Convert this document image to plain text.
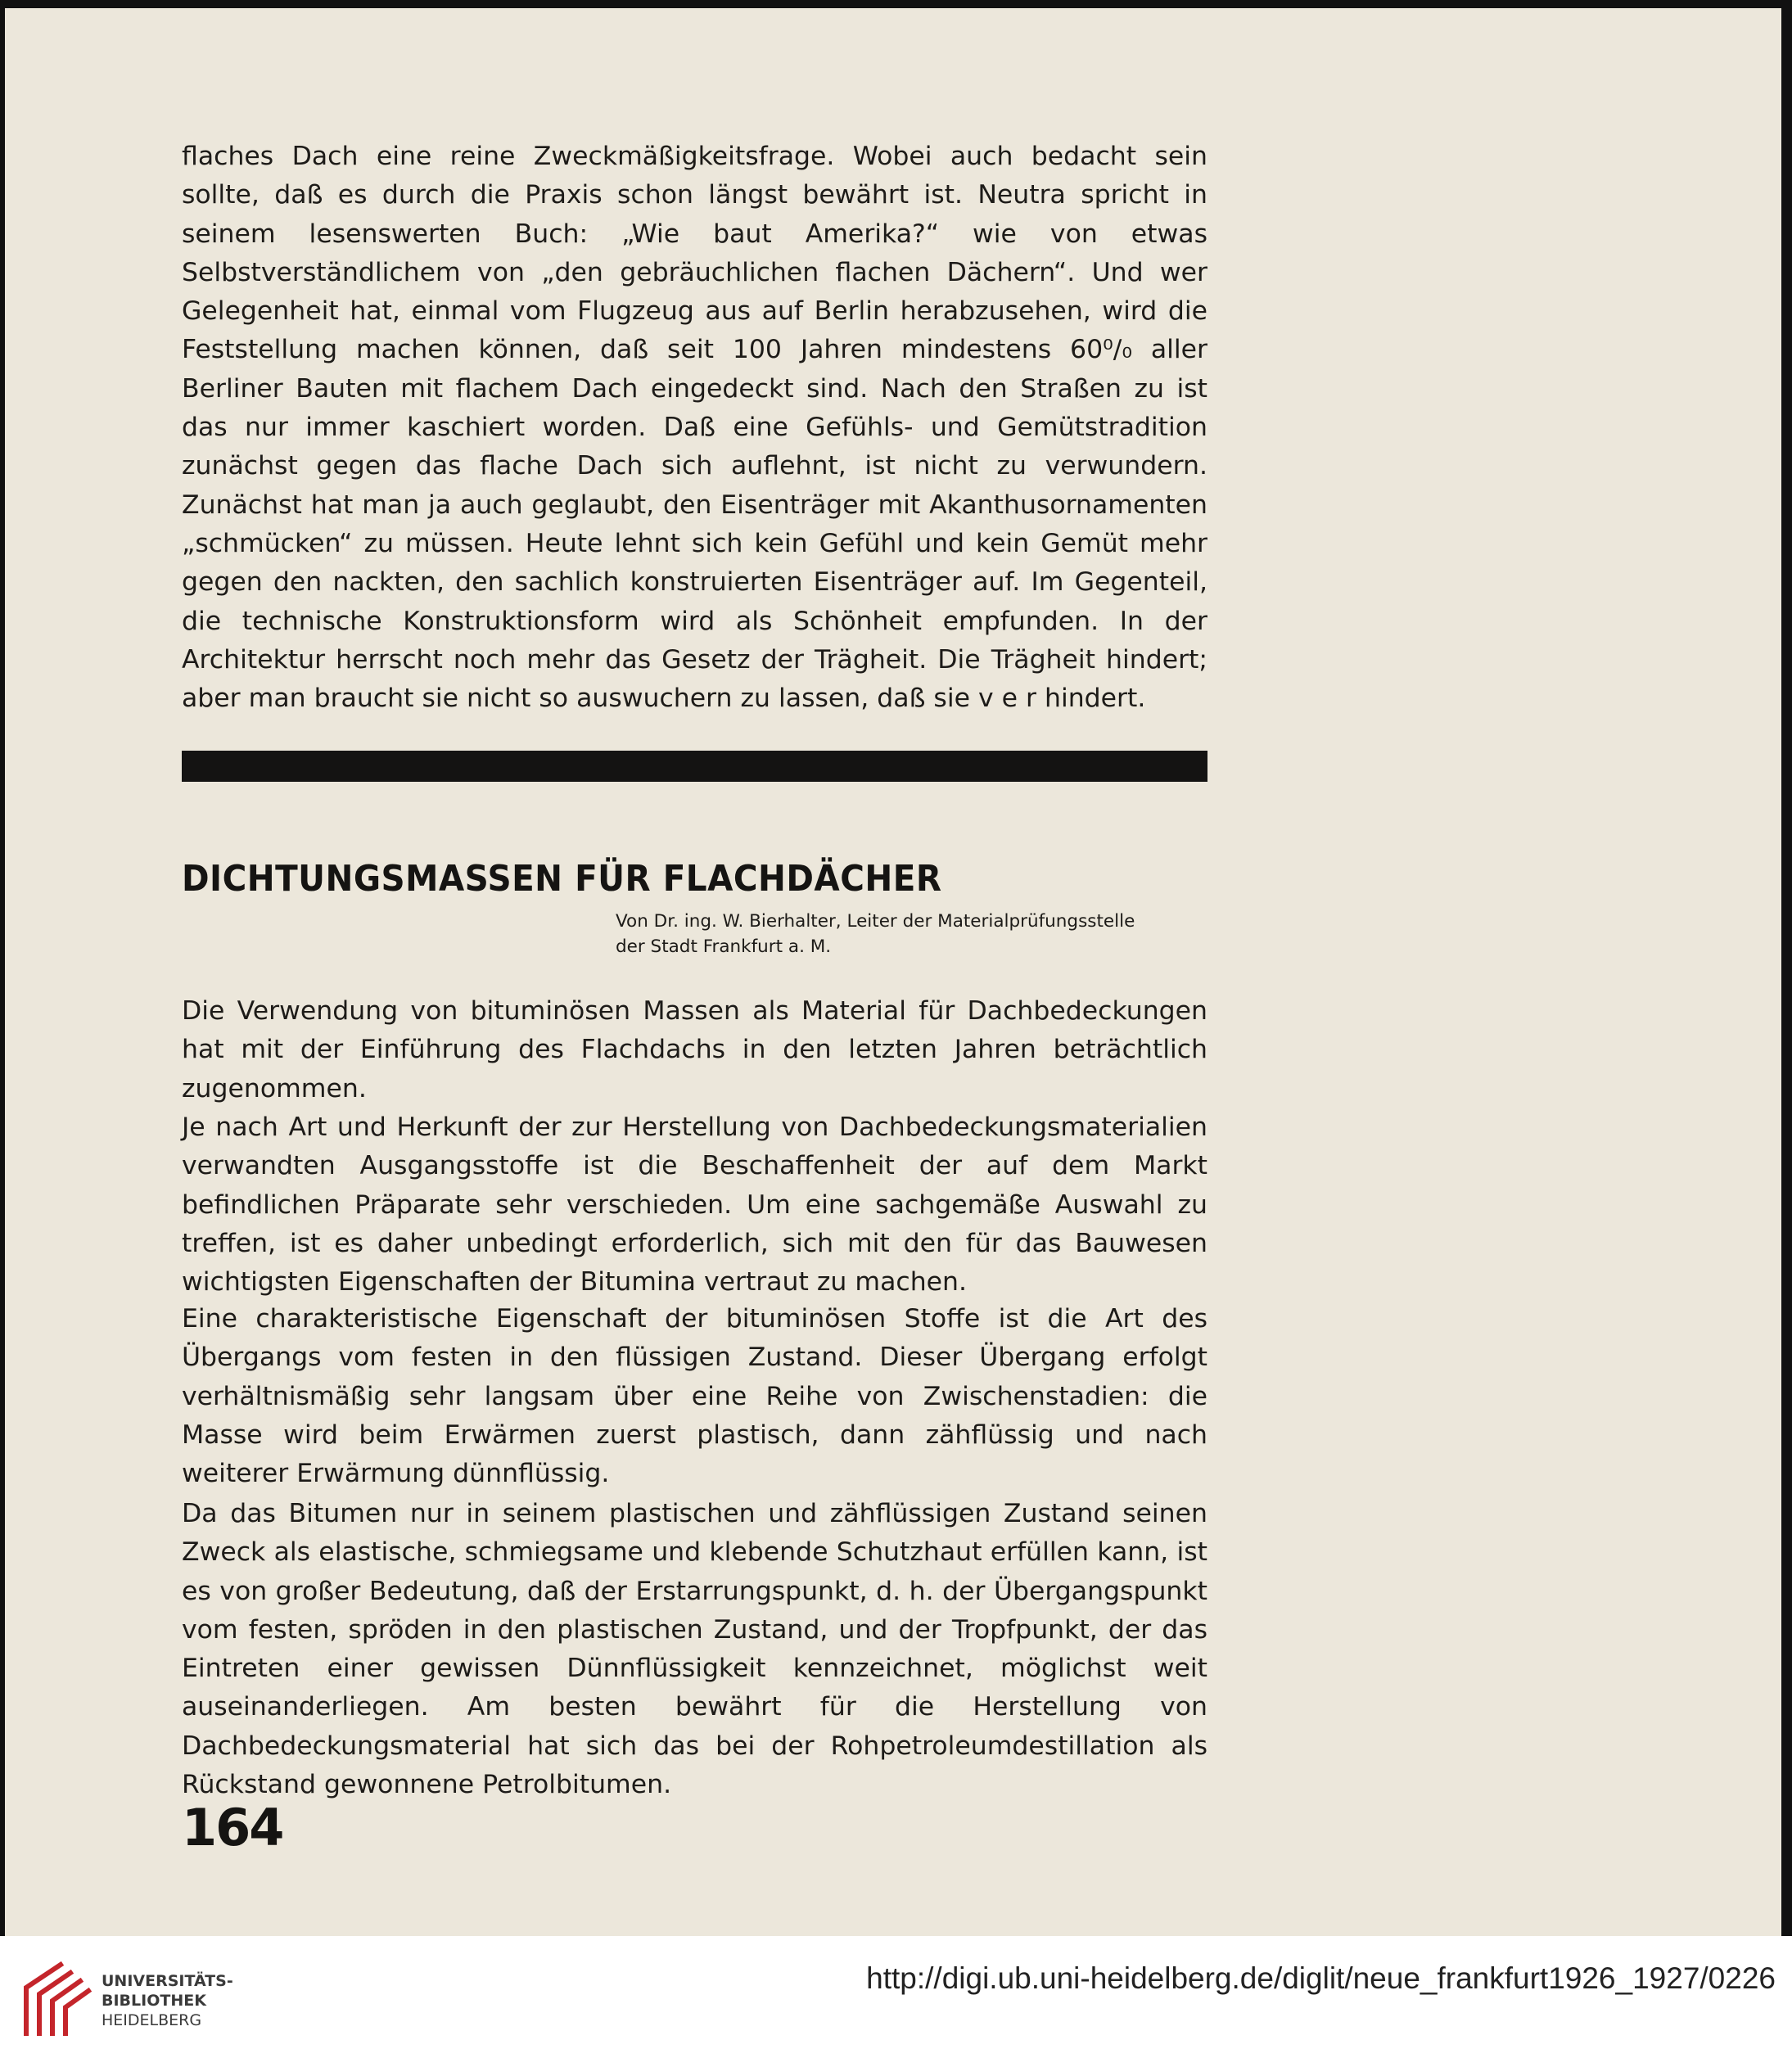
flaches Dach eine reine Zweckmäßigkeitsfrage. Wobei auch bedacht sein sollte, daß es durch die Praxis schon längst bewährt ist. Neutra spricht in seinem lesenswerten Buch: „Wie baut Amerika?“ wie von etwas Selbstverständlichem von „den gebräuchlichen flachen Dächern“. Und wer Gelegenheit hat, einmal vom Flugzeug aus auf Berlin herabzusehen, wird die Feststellung machen können, daß seit 100 Jahren mindestens 60⁰/₀ aller Berliner Bauten mit flachem Dach eingedeckt sind. Nach den Straßen zu ist das nur immer kaschiert worden. Daß eine Gefühls- und Gemütstradition zunächst gegen das flache Dach sich auflehnt, ist nicht zu verwundern. Zunächst hat man ja auch geglaubt, den Eisenträger mit Akanthusornamenten „schmücken“ zu müssen. Heute lehnt sich kein Gefühl und kein Gemüt mehr gegen den nackten, den sachlich konstruierten Eisenträger auf. Im Gegenteil, die technische Konstruktionsform wird als Schönheit empfunden. In der Architektur herrscht noch mehr das Gesetz der Trägheit. Die Trägheit hindert; aber man braucht sie nicht so auswuchern zu lassen, daß sie v e r hindert.

DICHTUNGSMASSEN FÜR FLACHDÄCHER
Von Dr. ing. W. Bierhalter, Leiter der Materialprüfungsstelle
der Stadt Frankfurt a. M.

Die Verwendung von bituminösen Massen als Material für Dachbedeckungen hat mit der Einführung des Flachdachs in den letzten Jahren beträchtlich zugenommen.

Je nach Art und Herkunft der zur Herstellung von Dachbedeckungsmaterialien verwandten Ausgangsstoffe ist die Beschaffenheit der auf dem Markt befindlichen Präparate sehr verschieden. Um eine sachgemäße Auswahl zu treffen, ist es daher unbedingt erforderlich, sich mit den für das Bauwesen wichtigsten Eigenschaften der Bitumina vertraut zu machen.

Eine charakteristische Eigenschaft der bituminösen Stoffe ist die Art des Übergangs vom festen in den flüssigen Zustand. Dieser Übergang erfolgt verhältnismäßig sehr langsam über eine Reihe von Zwischenstadien: die Masse wird beim Erwärmen zuerst plastisch, dann zähflüssig und nach weiterer Erwärmung dünnflüssig.

Da das Bitumen nur in seinem plastischen und zähflüssigen Zustand seinen Zweck als elastische, schmiegsame und klebende Schutzhaut erfüllen kann, ist es von großer Bedeutung, daß der Erstarrungspunkt, d. h. der Übergangspunkt vom festen, spröden in den plastischen Zustand, und der Tropfpunkt, der das Eintreten einer gewissen Dünnflüssigkeit kennzeichnet, möglichst weit auseinanderliegen. Am besten bewährt für die Herstellung von Dachbedeckungsmaterial hat sich das bei der Rohpetroleumdestillation als Rückstand gewonnene Petrolbitumen.

164
UNIVERSITÄTS-
BIBLIOTHEK
HEIDELBERG
http://digi.ub.uni-heidelberg.de/diglit/neue_frankfurt1926_1927/0226
